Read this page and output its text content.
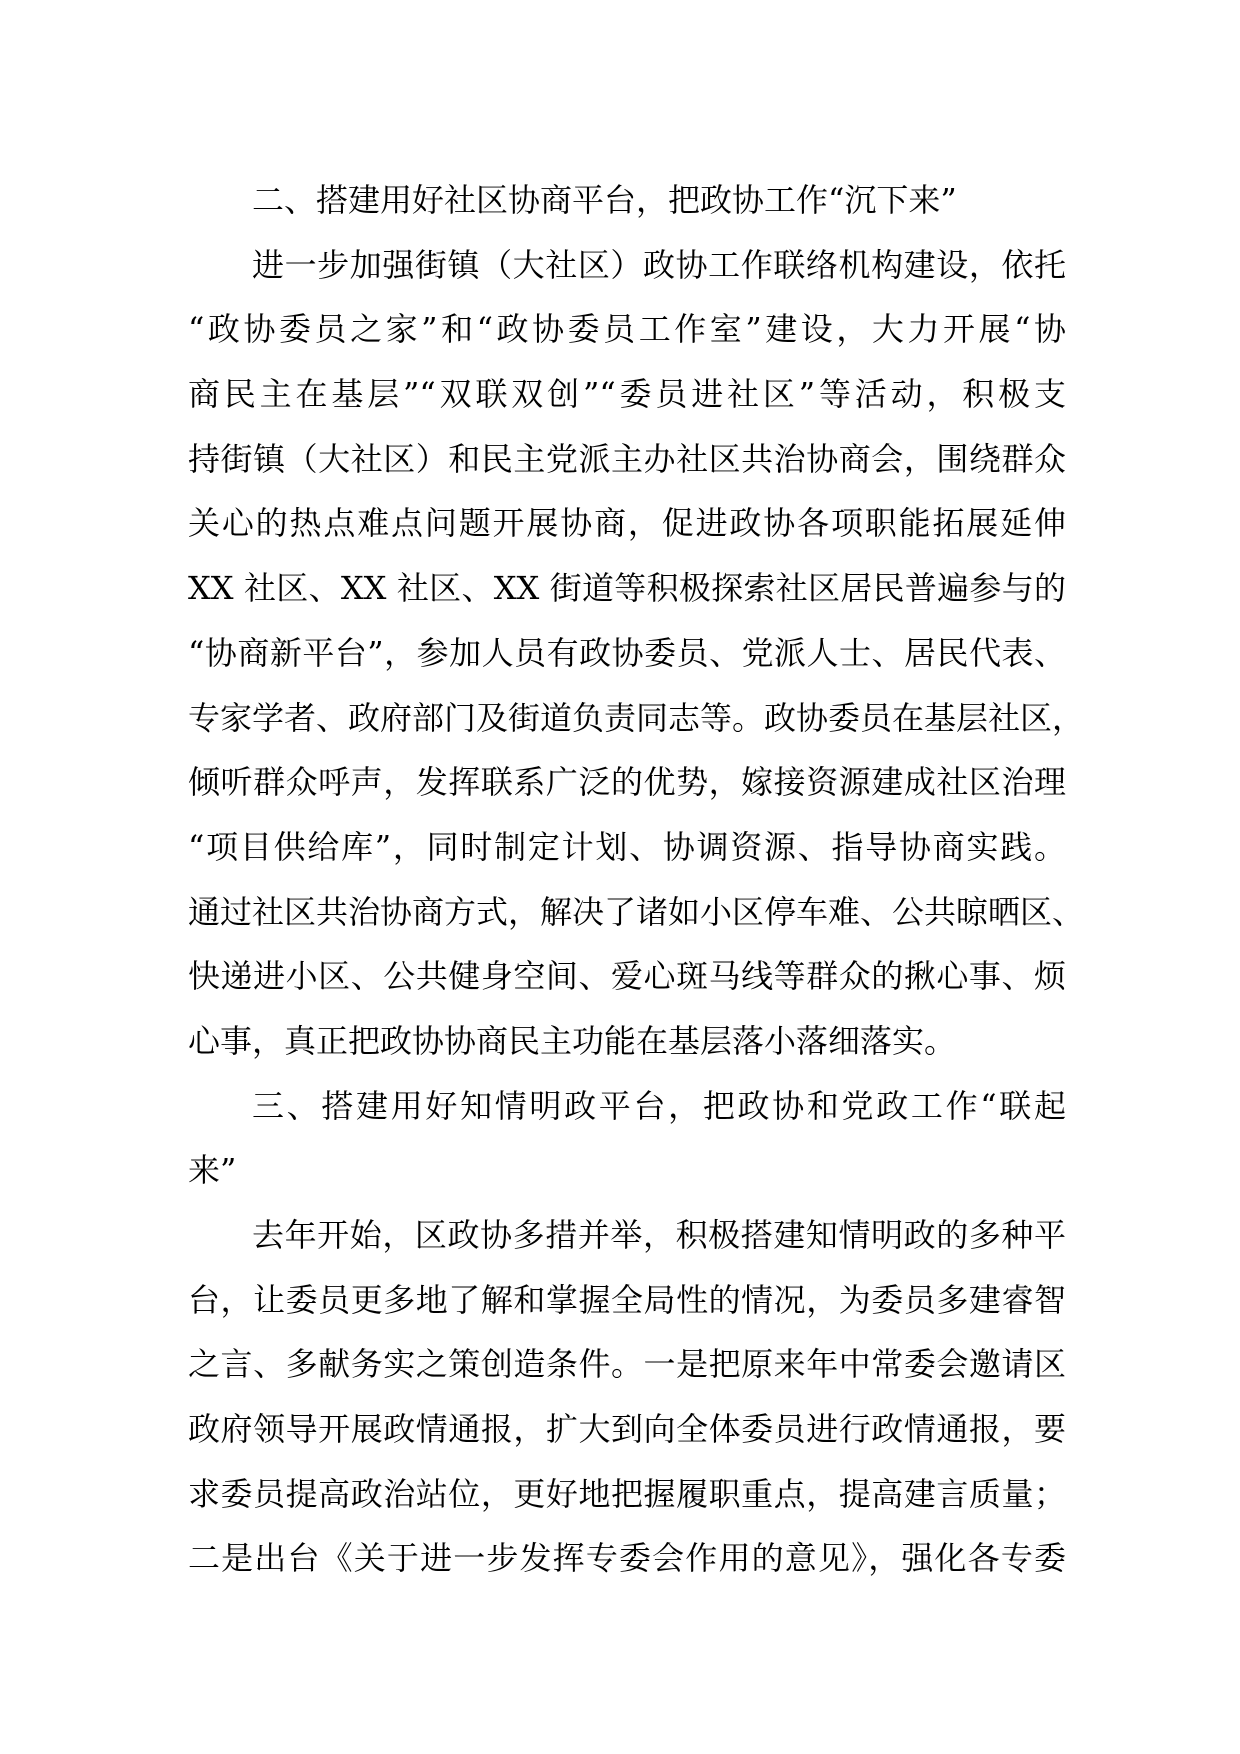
二、搭建用好社区协商平台，把政协工作“沉下来”
进一步加强街镇（大社区）政协工作联络机构建设，依托
“政协委员之家”和“政协委员工作室”建设，大力开展“协
商民主在基层”“双联双创”“委员进社区”等活动，积极支
持街镇（大社区）和民主党派主办社区共治协商会，围绕群众
关心的热点难点问题开展协商，促进政协各项职能拓展延伸
XX 社区、XX 社区、XX 街道等积极探索社区居民普遍参与的
“协商新平台”，参加人员有政协委员、党派人士、居民代表、
专家学者、政府部门及街道负责同志等。政协委员在基层社区，
倾听群众呼声，发挥联系广泛的优势，嫁接资源建成社区治理
“项目供给库”，同时制定计划、协调资源、指导协商实践。
通过社区共治协商方式，解决了诸如小区停车难、公共晾晒区、
快递进小区、公共健身空间、爱心斑马线等群众的揪心事、烦
心事，真正把政协协商民主功能在基层落小落细落实。
三、搭建用好知情明政平台，把政协和党政工作“联起
来”
去年开始，区政协多措并举，积极搭建知情明政的多种平
台，让委员更多地了解和掌握全局性的情况，为委员多建睿智
之言、多献务实之策创造条件。一是把原来年中常委会邀请区
政府领导开展政情通报，扩大到向全体委员进行政情通报，要
求委员提高政治站位，更好地把握履职重点，提高建言质量；
二是出台《关于进一步发挥专委会作用的意见》，强化各专委
